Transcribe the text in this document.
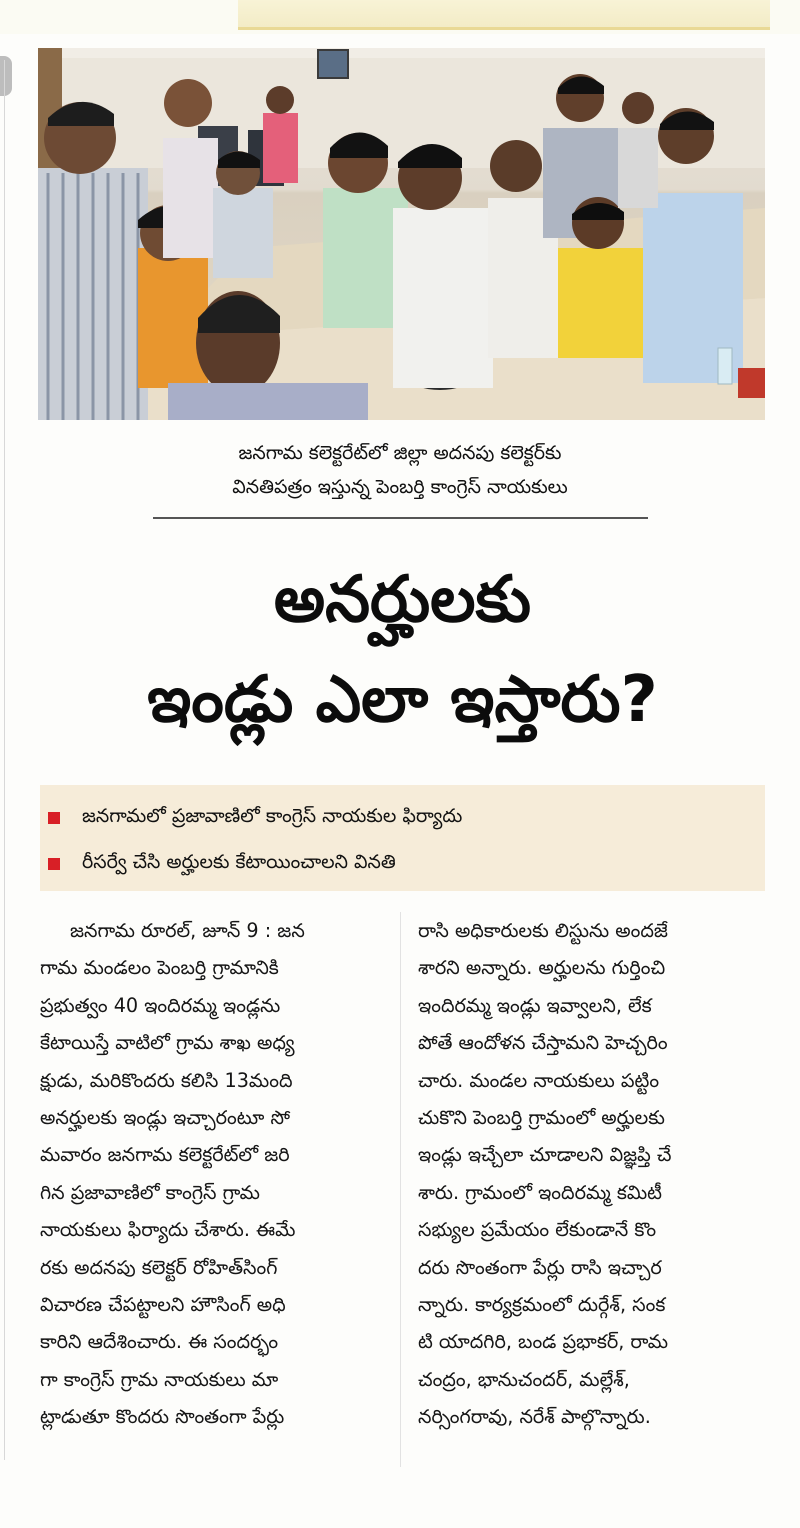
జనగామ కలెక్టరేట్‌లో జిల్లా అదనపు కలెక్టర్‌కు
వినతిపత్రం ఇస్తున్న పెంబర్తి కాంగ్రెస్ నాయకులు
అనర్హులకు
ఇండ్లు ఎలా ఇస్తారు?
జనగామలో ప్రజావాణిలో కాంగ్రెస్ నాయకుల ఫిర్యాదు
రీసర్వే చేసి అర్హులకు కేటాయించాలని వినతి
జనగామ రూరల్, జూన్ 9 : జన
గామ మండలం పెంబర్తి గ్రామానికి
ప్రభుత్వం 40 ఇందిరమ్మ ఇండ్లను
కేటాయిస్తే వాటిలో గ్రామ శాఖ అధ్య
క్షుడు, మరికొందరు కలిసి 13మంది
అనర్హులకు ఇండ్లు ఇచ్చారంటూ సో
మవారం జనగామ కలెక్టరేట్‌లో జరి
గిన ప్రజావాణిలో కాంగ్రెస్ గ్రామ
నాయకులు ఫిర్యాదు చేశారు. ఈమే
రకు అదనపు కలెక్టర్ రోహిత్‌సింగ్
విచారణ చేపట్టాలని హౌసింగ్ అధి
కారిని ఆదేశించారు. ఈ సందర్భం
గా కాంగ్రెస్ గ్రామ నాయకులు మా
ట్లాడుతూ కొందరు సొంతంగా పేర్లు
రాసి అధికారులకు లిస్టును అందజే
శారని అన్నారు. అర్హులను గుర్తించి
ఇందిరమ్మ ఇండ్లు ఇవ్వాలని, లేక
పోతే ఆందోళన చేస్తామని హెచ్చరిం
చారు. మండల నాయకులు పట్టిం
చుకొని పెంబర్తి గ్రామంలో అర్హులకు
ఇండ్లు ఇచ్చేలా చూడాలని విజ్ఞప్తి చే
శారు. గ్రామంలో ఇందిరమ్మ కమిటీ
సభ్యుల ప్రమేయం లేకుండానే కొం
దరు సొంతంగా పేర్లు రాసి ఇచ్చార
న్నారు. కార్యక్రమంలో దుర్గేశ్, సంక
టి యాదగిరి, బండ ప్రభాకర్, రామ
చంద్రం, భానుచందర్, మల్లేశ్,
నర్సింగరావు, నరేశ్ పాల్గొన్నారు.
